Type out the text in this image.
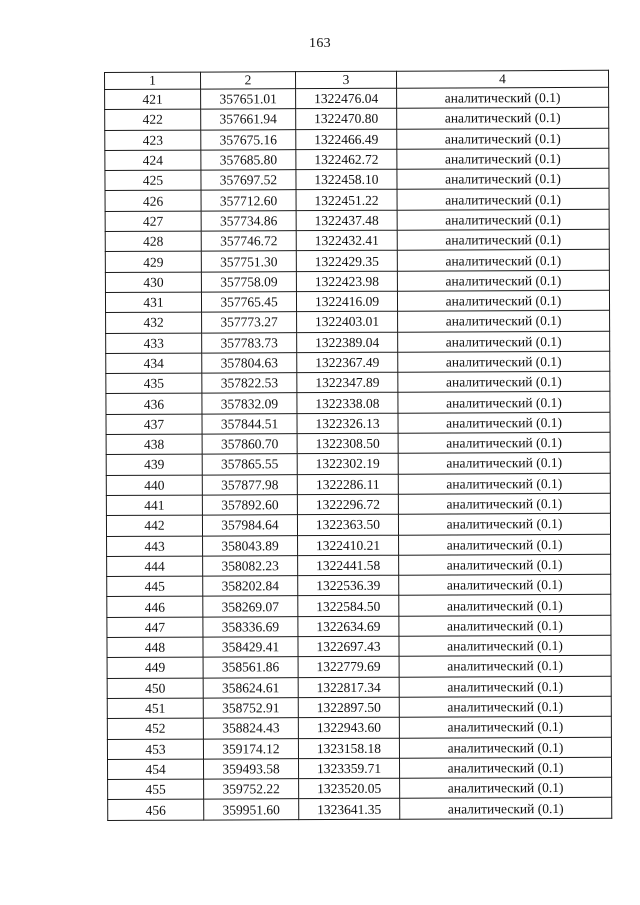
163
1	2	3	4
421	357651.01	1322476.04	аналитический (0.1)
422	357661.94	1322470.80	аналитический (0.1)
423	357675.16	1322466.49	аналитический (0.1)
424	357685.80	1322462.72	аналитический (0.1)
425	357697.52	1322458.10	аналитический (0.1)
426	357712.60	1322451.22	аналитический (0.1)
427	357734.86	1322437.48	аналитический (0.1)
428	357746.72	1322432.41	аналитический (0.1)
429	357751.30	1322429.35	аналитический (0.1)
430	357758.09	1322423.98	аналитический (0.1)
431	357765.45	1322416.09	аналитический (0.1)
432	357773.27	1322403.01	аналитический (0.1)
433	357783.73	1322389.04	аналитический (0.1)
434	357804.63	1322367.49	аналитический (0.1)
435	357822.53	1322347.89	аналитический (0.1)
436	357832.09	1322338.08	аналитический (0.1)
437	357844.51	1322326.13	аналитический (0.1)
438	357860.70	1322308.50	аналитический (0.1)
439	357865.55	1322302.19	аналитический (0.1)
440	357877.98	1322286.11	аналитический (0.1)
441	357892.60	1322296.72	аналитический (0.1)
442	357984.64	1322363.50	аналитический (0.1)
443	358043.89	1322410.21	аналитический (0.1)
444	358082.23	1322441.58	аналитический (0.1)
445	358202.84	1322536.39	аналитический (0.1)
446	358269.07	1322584.50	аналитический (0.1)
447	358336.69	1322634.69	аналитический (0.1)
448	358429.41	1322697.43	аналитический (0.1)
449	358561.86	1322779.69	аналитический (0.1)
450	358624.61	1322817.34	аналитический (0.1)
451	358752.91	1322897.50	аналитический (0.1)
452	358824.43	1322943.60	аналитический (0.1)
453	359174.12	1323158.18	аналитический (0.1)
454	359493.58	1323359.71	аналитический (0.1)
455	359752.22	1323520.05	аналитический (0.1)
456	359951.60	1323641.35	аналитический (0.1)
